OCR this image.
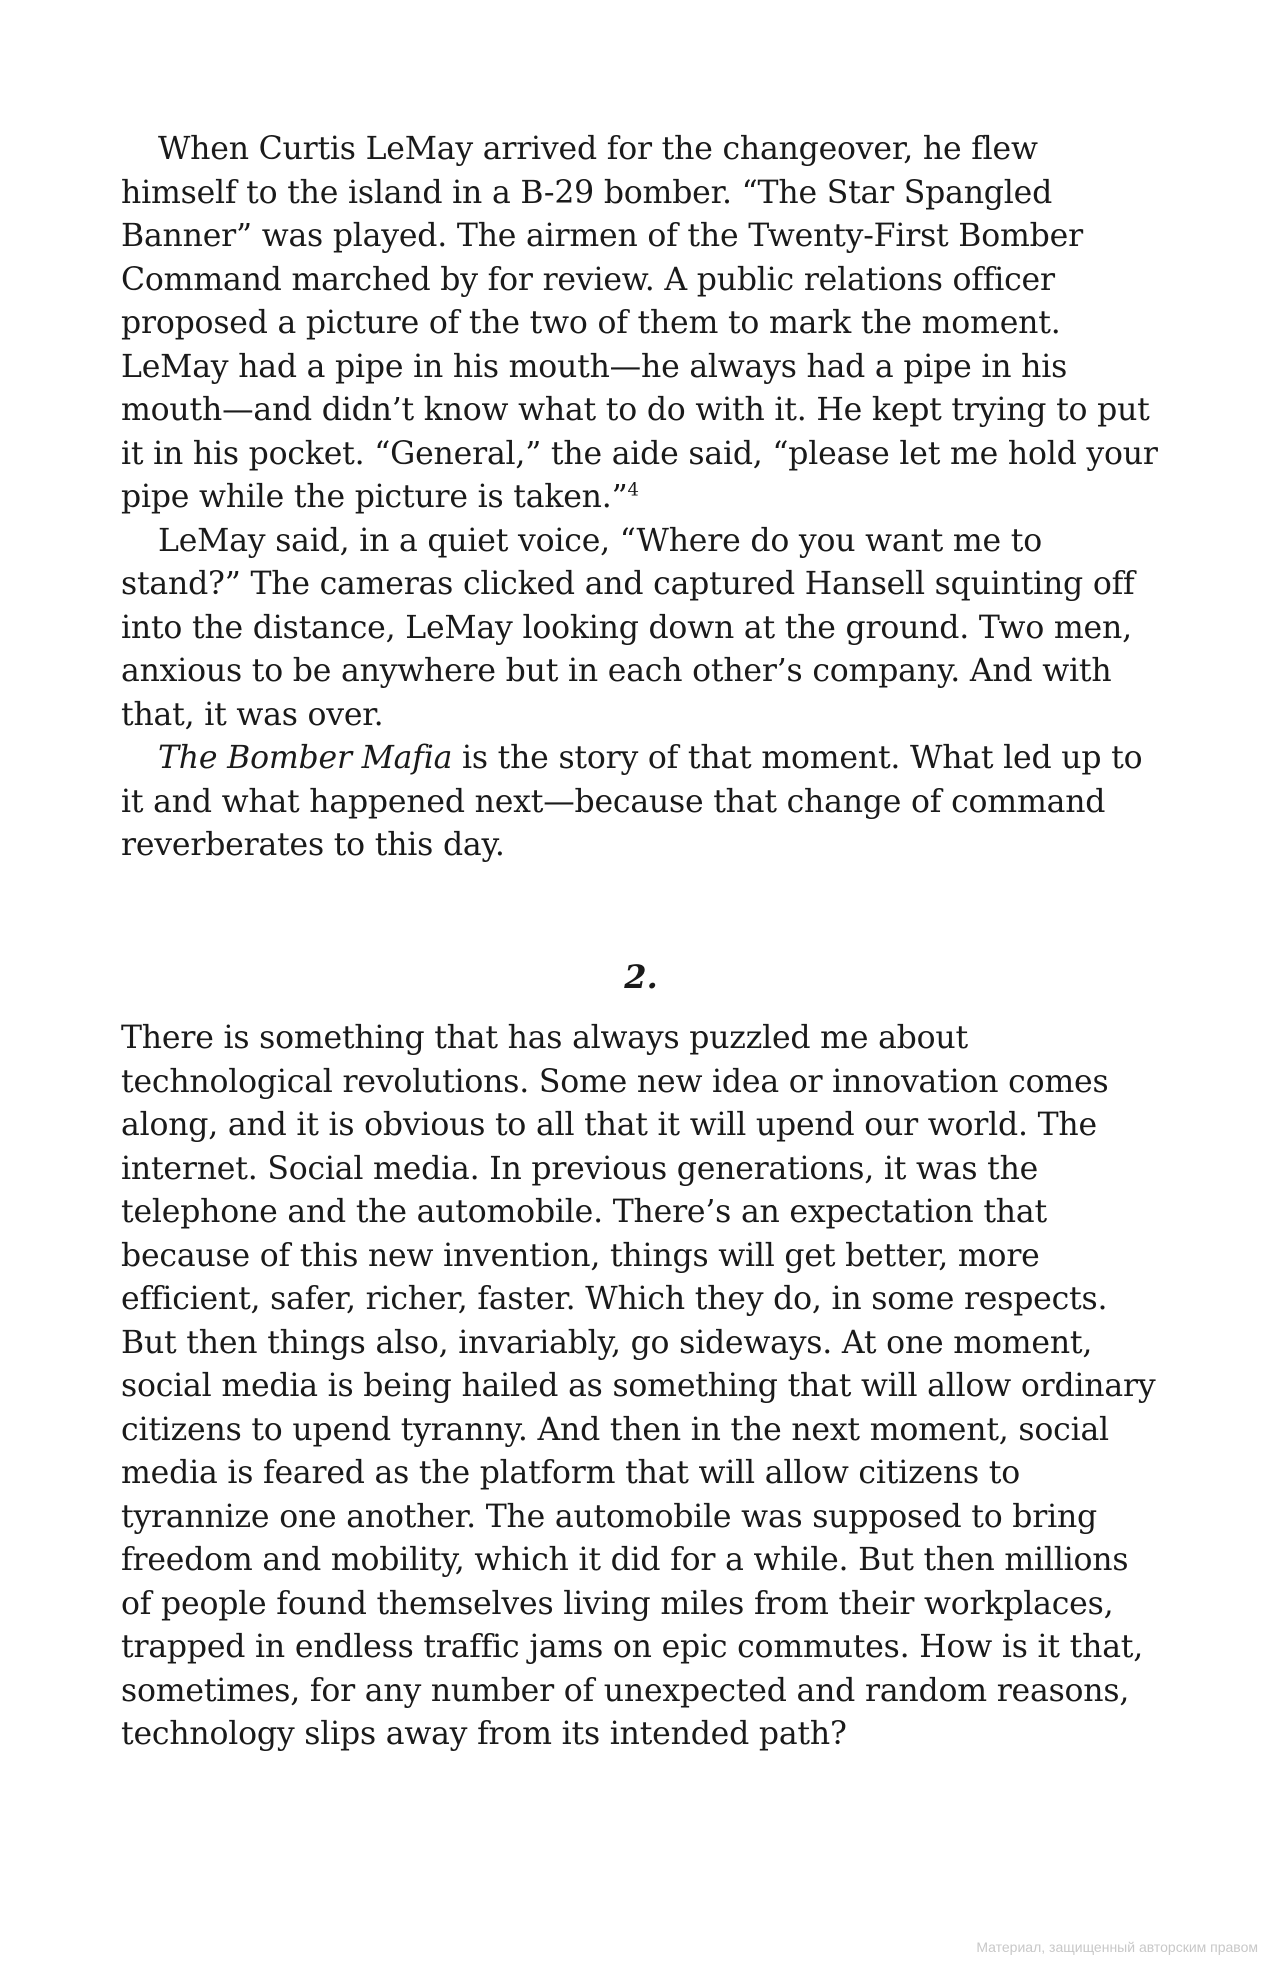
When Curtis LeMay arrived for the changeover, he flew himself to the island in a B-29 bomber. “The Star Spangled Banner” was played. The airmen of the Twenty-First Bomber Command marched by for review. A public relations officer proposed a picture of the two of them to mark the moment. LeMay had a pipe in his mouth—he always had a pipe in his mouth—and didn’t know what to do with it. He kept trying to put it in his pocket. “General,” the aide said, “please let me hold your pipe while the picture is taken.”$^4$

LeMay said, in a quiet voice, “Where do you want me to stand?” The cameras clicked and captured Hansell squinting off into the distance, LeMay looking down at the ground. Two men, anxious to be anywhere but in each other’s company. And with that, it was over.

The Bomber Mafia is the story of that moment. What led up to it and what happened next—because that change of command reverberates to this day.

2.

There is something that has always puzzled me about technological revolutions. Some new idea or innovation comes along, and it is obvious to all that it will upend our world. The internet. Social media. In previous generations, it was the telephone and the automobile. There’s an expectation that because of this new invention, things will get better, more efficient, safer, richer, faster. Which they do, in some respects. But then things also, invariably, go sideways. At one moment, social media is being hailed as something that will allow ordinary citizens to upend tyranny. And then in the next moment, social media is feared as the platform that will allow citizens to tyrannize one another. The automobile was supposed to bring freedom and mobility, which it did for a while. But then millions of people found themselves living miles from their workplaces, trapped in endless traffic jams on epic commutes. How is it that, sometimes, for any number of unexpected and random reasons, technology slips away from its intended path?

Материал, защищенный авторским правом
